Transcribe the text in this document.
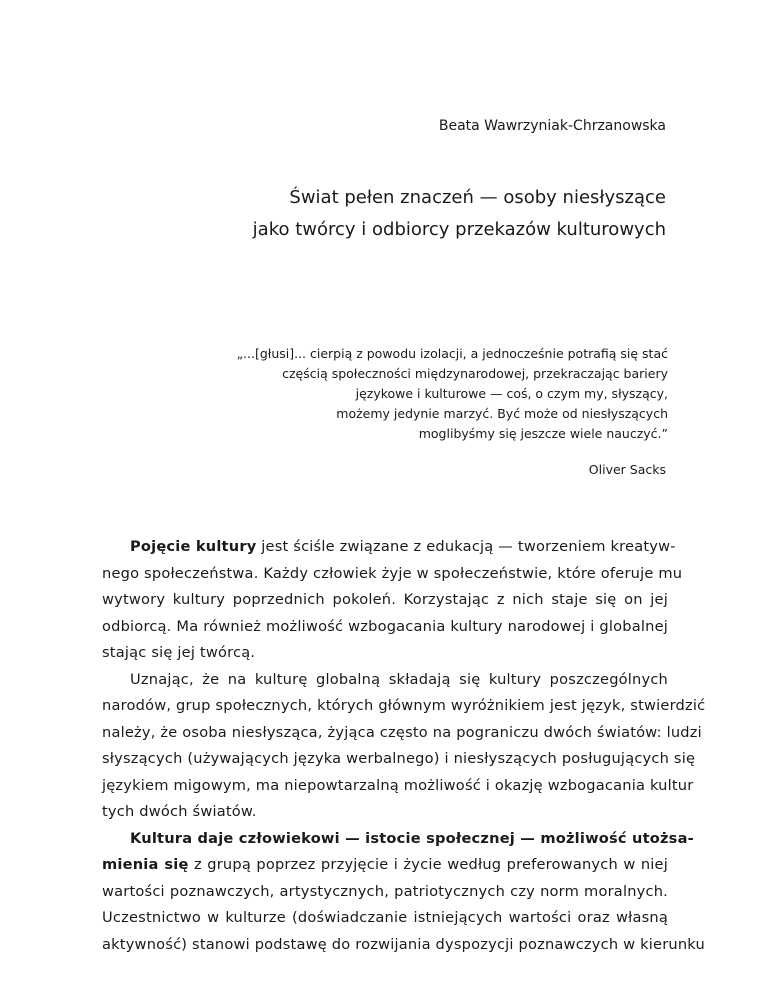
Beata Wawrzyniak-Chrzanowska
Świat pełen znaczeń — osoby niesłyszące
jako twórcy i odbiorcy przekazów kulturowych
„...[głusi]... cierpią z powodu izolacji, a jednocześnie potrafią się stać
częścią społeczności międzynarodowej, przekraczając bariery
językowe i kulturowe — coś, o czym my, słyszący,
możemy jedynie marzyć. Być może od niesłyszących
moglibyśmy się jeszcze wiele nauczyć.”
Oliver Sacks
Pojęcie kultury jest ściśle związane z edukacją — tworzeniem kreatyw-
nego społeczeństwa. Każdy człowiek żyje w społeczeństwie, które oferuje mu
wytwory kultury poprzednich pokoleń. Korzystając z nich staje się on jej
odbiorcą. Ma również możliwość wzbogacania kultury narodowej i globalnej
stając się jej twórcą.
Uznając, że na kulturę globalną składają się kultury poszczególnych
narodów, grup społecznych, których głównym wyróżnikiem jest język, stwierdzić
należy, że osoba niesłysząca, żyjąca często na pograniczu dwóch światów: ludzi
słyszących (używających języka werbalnego) i niesłyszących posługujących się
językiem migowym, ma niepowtarzalną możliwość i okazję wzbogacania kultur
tych dwóch światów.
Kultura daje człowiekowi — istocie społecznej — możliwość utożsa-
mienia się z grupą poprzez przyjęcie i życie według preferowanych w niej
wartości poznawczych, artystycznych, patriotycznych czy norm moralnych.
Uczestnictwo w kulturze (doświadczanie istniejących wartości oraz własną
aktywność) stanowi podstawę do rozwijania dyspozycji poznawczych w kierunku
